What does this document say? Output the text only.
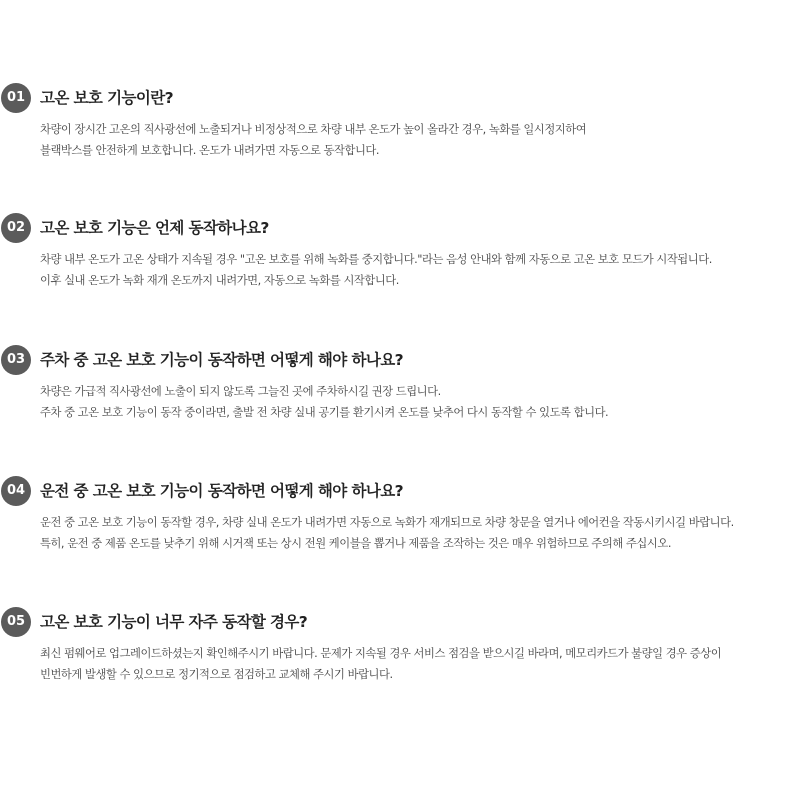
01 고온 보호 기능이란?
차량이 장시간 고온의 직사광선에 노출되거나 비정상적으로 차량 내부 온도가 높이 올라간 경우, 녹화를 일시정지하여
블랙박스를 안전하게 보호합니다. 온도가 내려가면 자동으로 동작합니다.
02 고온 보호 기능은 언제 동작하나요?
차량 내부 온도가 고온 상태가 지속될 경우 "고온 보호를 위해 녹화를 중지합니다."라는 음성 안내와 함께 자동으로 고온 보호 모드가 시작됩니다.
이후 실내 온도가 녹화 재개 온도까지 내려가면, 자동으로 녹화를 시작합니다.
03 주차 중 고온 보호 기능이 동작하면 어떻게 해야 하나요?
차량은 가급적 직사광선에 노출이 되지 않도록 그늘진 곳에 주차하시길 권장 드립니다.
주차 중 고온 보호 기능이 동작 중이라면, 출발 전 차량 실내 공기를 환기시켜 온도를 낮추어 다시 동작할 수 있도록 합니다.
04 운전 중 고온 보호 기능이 동작하면 어떻게 해야 하나요?
운전 중 고온 보호 기능이 동작할 경우, 차량 실내 온도가 내려가면 자동으로 녹화가 재개되므로 차량 창문을 열거나 에어컨을 작동시키시길 바랍니다.
특히, 운전 중 제품 온도를 낮추기 위해 시거잭 또는 상시 전원 케이블을 뽑거나 제품을 조작하는 것은 매우 위험하므로 주의해 주십시오.
05 고온 보호 기능이 너무 자주 동작할 경우?
최신 펌웨어로 업그레이드하셨는지 확인해주시기 바랍니다. 문제가 지속될 경우 서비스 점검을 받으시길 바라며, 메모리카드가 불량일 경우 증상이
빈번하게 발생할 수 있으므로 정기적으로 점검하고 교체해 주시기 바랍니다.
